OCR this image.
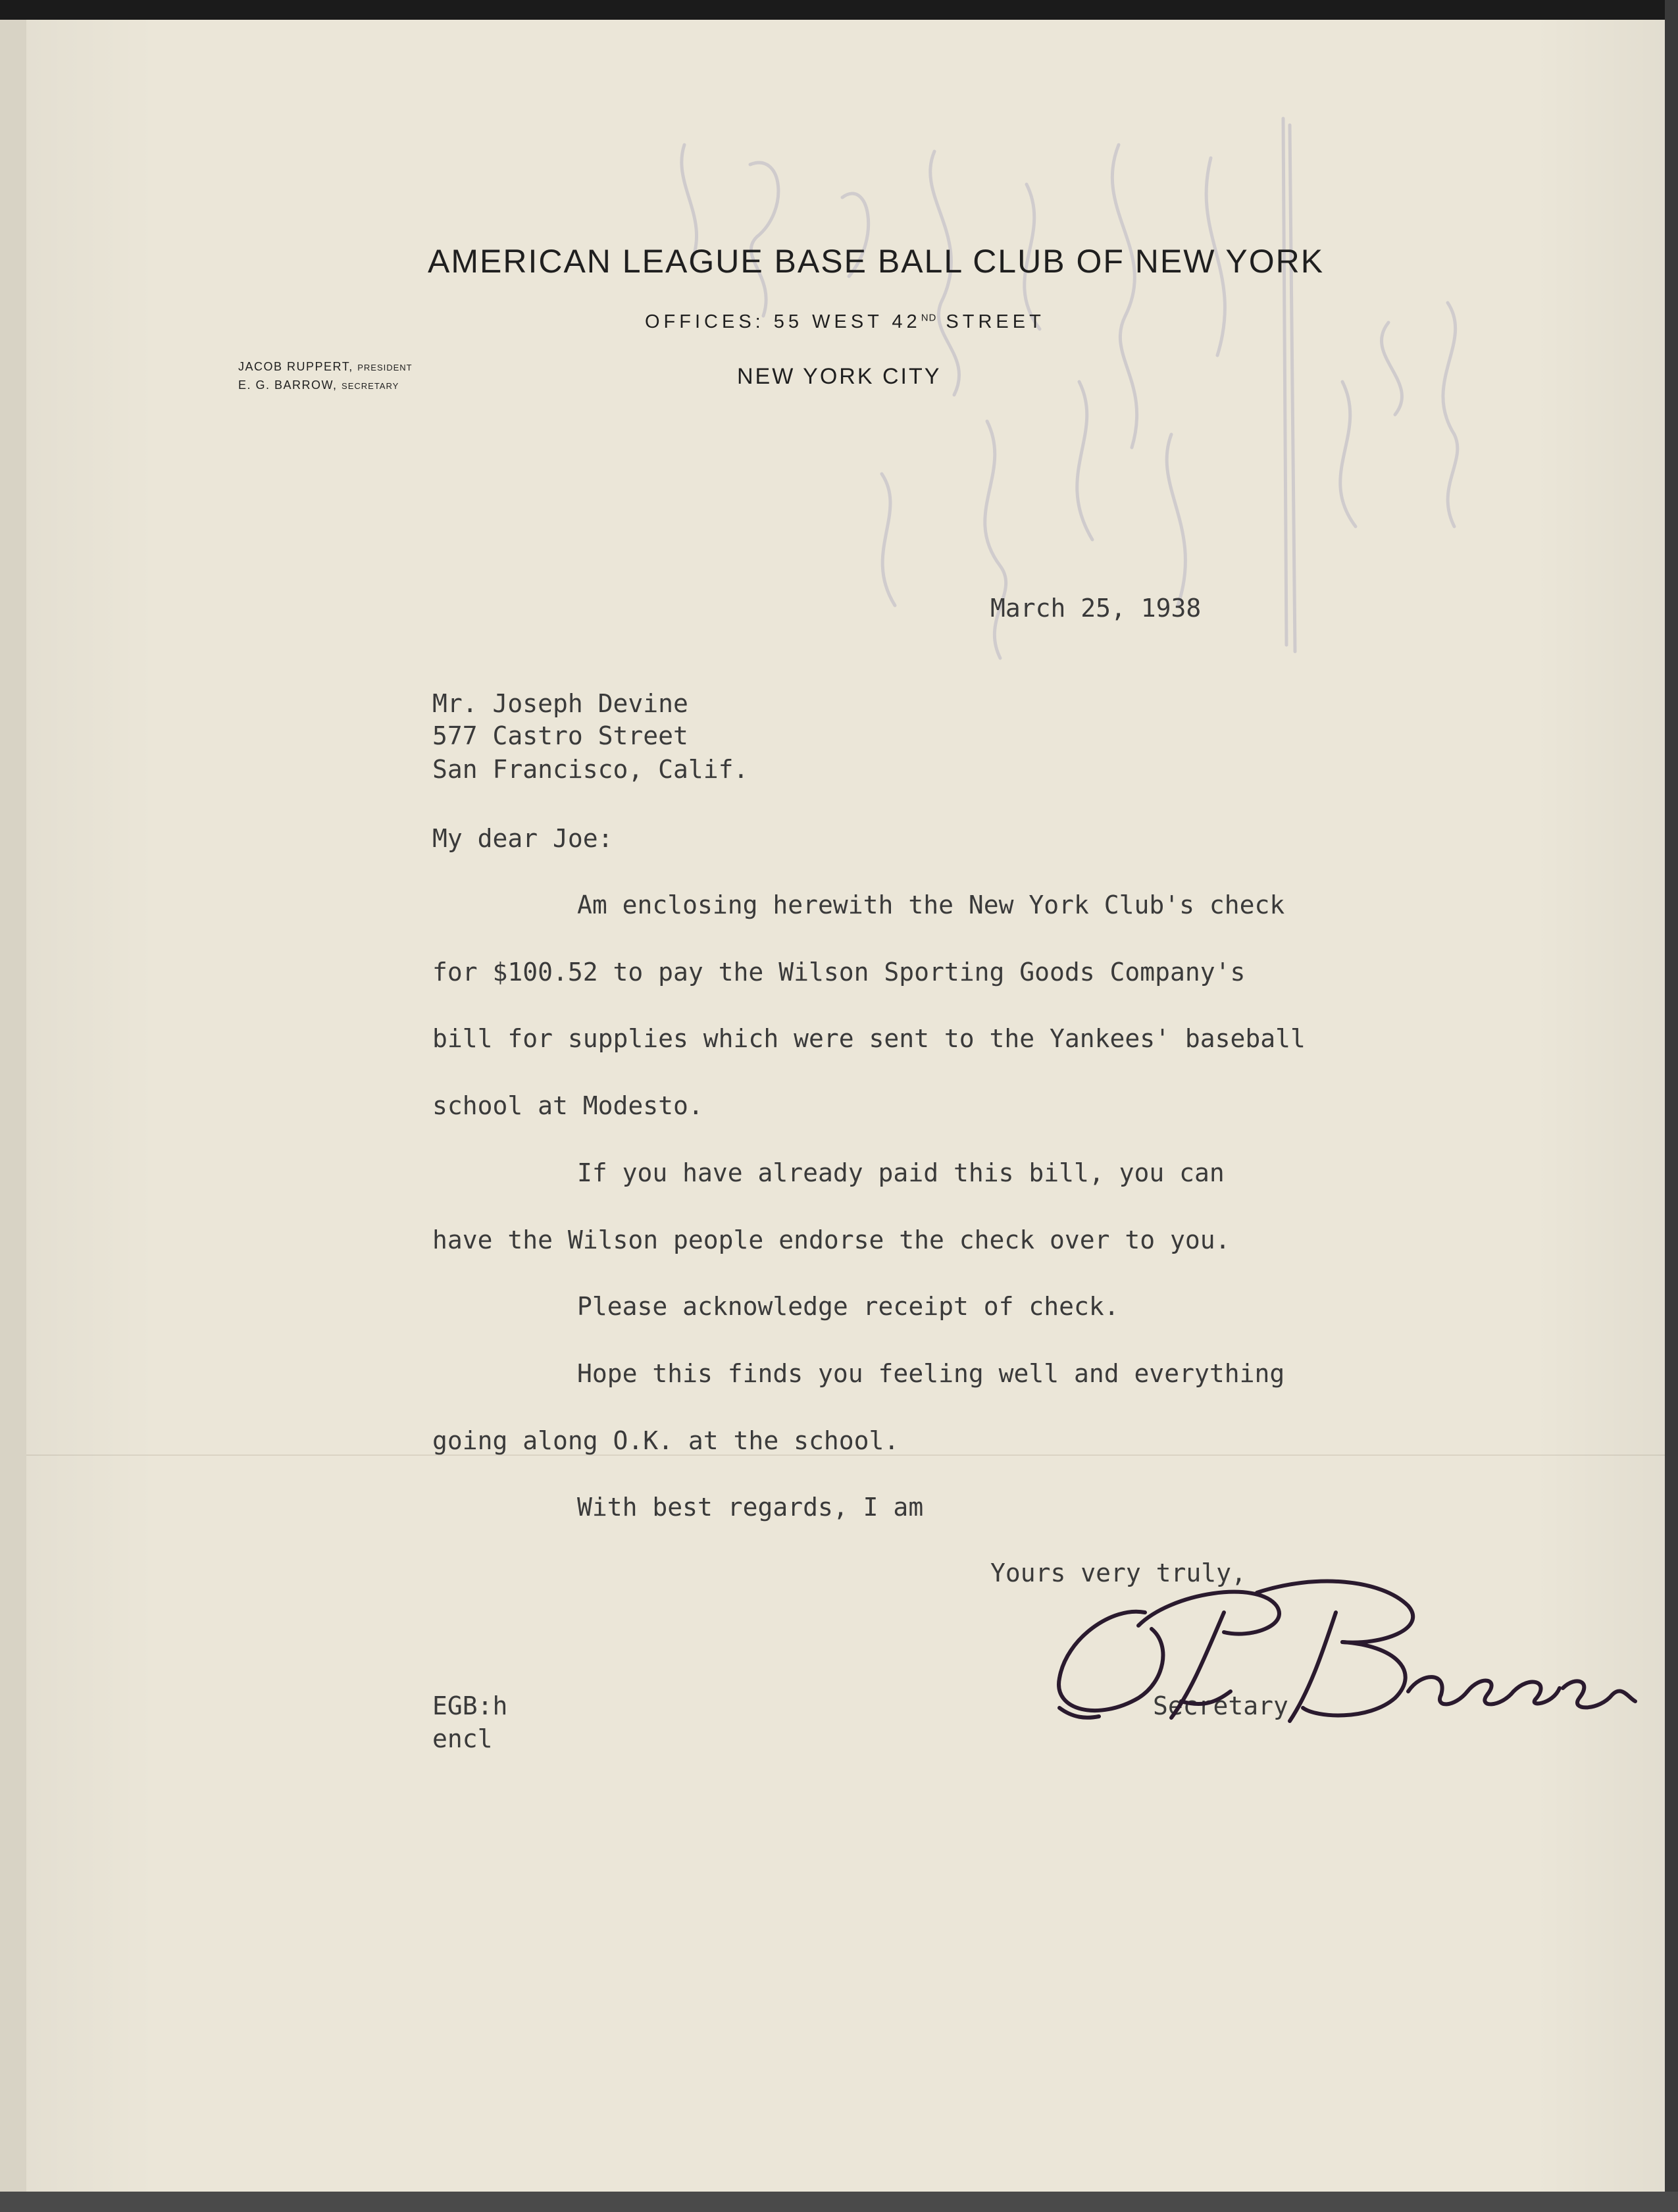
AMERICAN LEAGUE BASE BALL CLUB OF NEW YORK
OFFICES: 55 WEST 42ND STREET
NEW YORK CITY
JACOB RUPPERT, PRESIDENT
E. G. BARROW, SECRETARY
March 25, 1938
Mr. Joseph Devine
577 Castro Street
San Francisco, Calif.
My dear Joe:
Am enclosing herewith the New York Club's check
for $100.52 to pay the Wilson Sporting Goods Company's
bill for supplies which were sent to the Yankees' baseball
school at Modesto.
If you have already paid this bill, you can
have the Wilson people endorse the check over to you.
Please acknowledge receipt of check.
Hope this finds you feeling well and everything
going along O.K. at the school.
With best regards, I am
Yours very truly,
Secretary
EGB:h
encl
